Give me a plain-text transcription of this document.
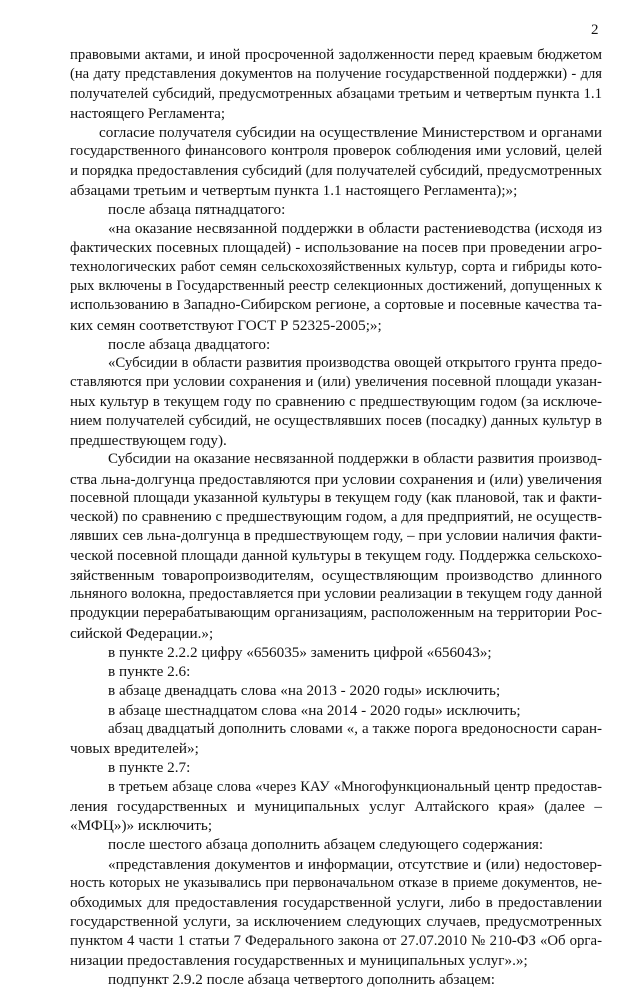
2
правовыми актами, и иной просроченной задолженности перед краевым бюджетом
(на дату представления документов на получение государственной поддержки) - для
получателей субсидий, предусмотренных абзацами третьим и четвертым пункта 1.1
настоящего Регламента;
согласие получателя субсидии на осуществление Министерством и органами
государственного финансового контроля проверок соблюдения ими условий, целей
и порядка предоставления субсидий (для получателей субсидий, предусмотренных
абзацами третьим и четвертым пункта 1.1 настоящего Регламента);»;
после абзаца пятнадцатого:
«на оказание несвязанной поддержки в области растениеводства (исходя из
фактических посевных площадей) - использование на посев при проведении агро-
технологических работ семян сельскохозяйственных культур, сорта и гибриды кото-
рых включены в Государственный реестр селекционных достижений, допущенных к
использованию в Западно-Сибирском регионе, а сортовые и посевные качества та-
ких семян соответствуют ГОСТ Р 52325-2005;»;
после абзаца двадцатого:
«Субсидии в области развития производства овощей открытого грунта предо-
ставляются при условии сохранения и (или) увеличения посевной площади указан-
ных культур в текущем году по сравнению с предшествующим годом (за исключе-
нием получателей субсидий, не осуществлявших посев (посадку) данных культур в
предшествующем году).
Субсидии на оказание несвязанной поддержки в области развития производ-
ства льна-долгунца предоставляются при условии сохранения и (или) увеличения
посевной площади указанной культуры в текущем году (как плановой, так и факти-
ческой) по сравнению с предшествующим годом, а для предприятий, не осуществ-
лявших сев льна-долгунца в предшествующем году, – при условии наличия факти-
ческой посевной площади данной культуры в текущем году. Поддержка сельскохо-
зяйственным товаропроизводителям, осуществляющим производство длинного
льняного волокна, предоставляется при условии реализации в текущем году данной
продукции перерабатывающим организациям, расположенным на территории Рос-
сийской Федерации.»;
в пункте 2.2.2 цифру «656035» заменить цифрой «656043»;
в пункте 2.6:
в абзаце двенадцать слова «на 2013 - 2020 годы» исключить;
в абзаце шестнадцатом слова «на 2014 - 2020 годы» исключить;
абзац двадцатый дополнить словами «, а также порога вредоносности саран-
човых вредителей»;
в пункте 2.7:
в третьем абзаце слова «через КАУ «Многофункциональный центр предостав-
ления государственных и муниципальных услуг Алтайского края» (далее –
«МФЦ»)» исключить;
после шестого абзаца дополнить абзацем следующего содержания:
«представления документов и информации, отсутствие и (или) недостовер-
ность которых не указывались при первоначальном отказе в приеме документов, не-
обходимых для предоставления государственной услуги, либо в предоставлении
государственной услуги, за исключением следующих случаев, предусмотренных
пунктом 4 части 1 статьи 7 Федерального закона от 27.07.2010 № 210-ФЗ «Об орга-
низации предоставления государственных и муниципальных услуг».»;
подпункт 2.9.2 после абзаца четвертого дополнить абзацем:
